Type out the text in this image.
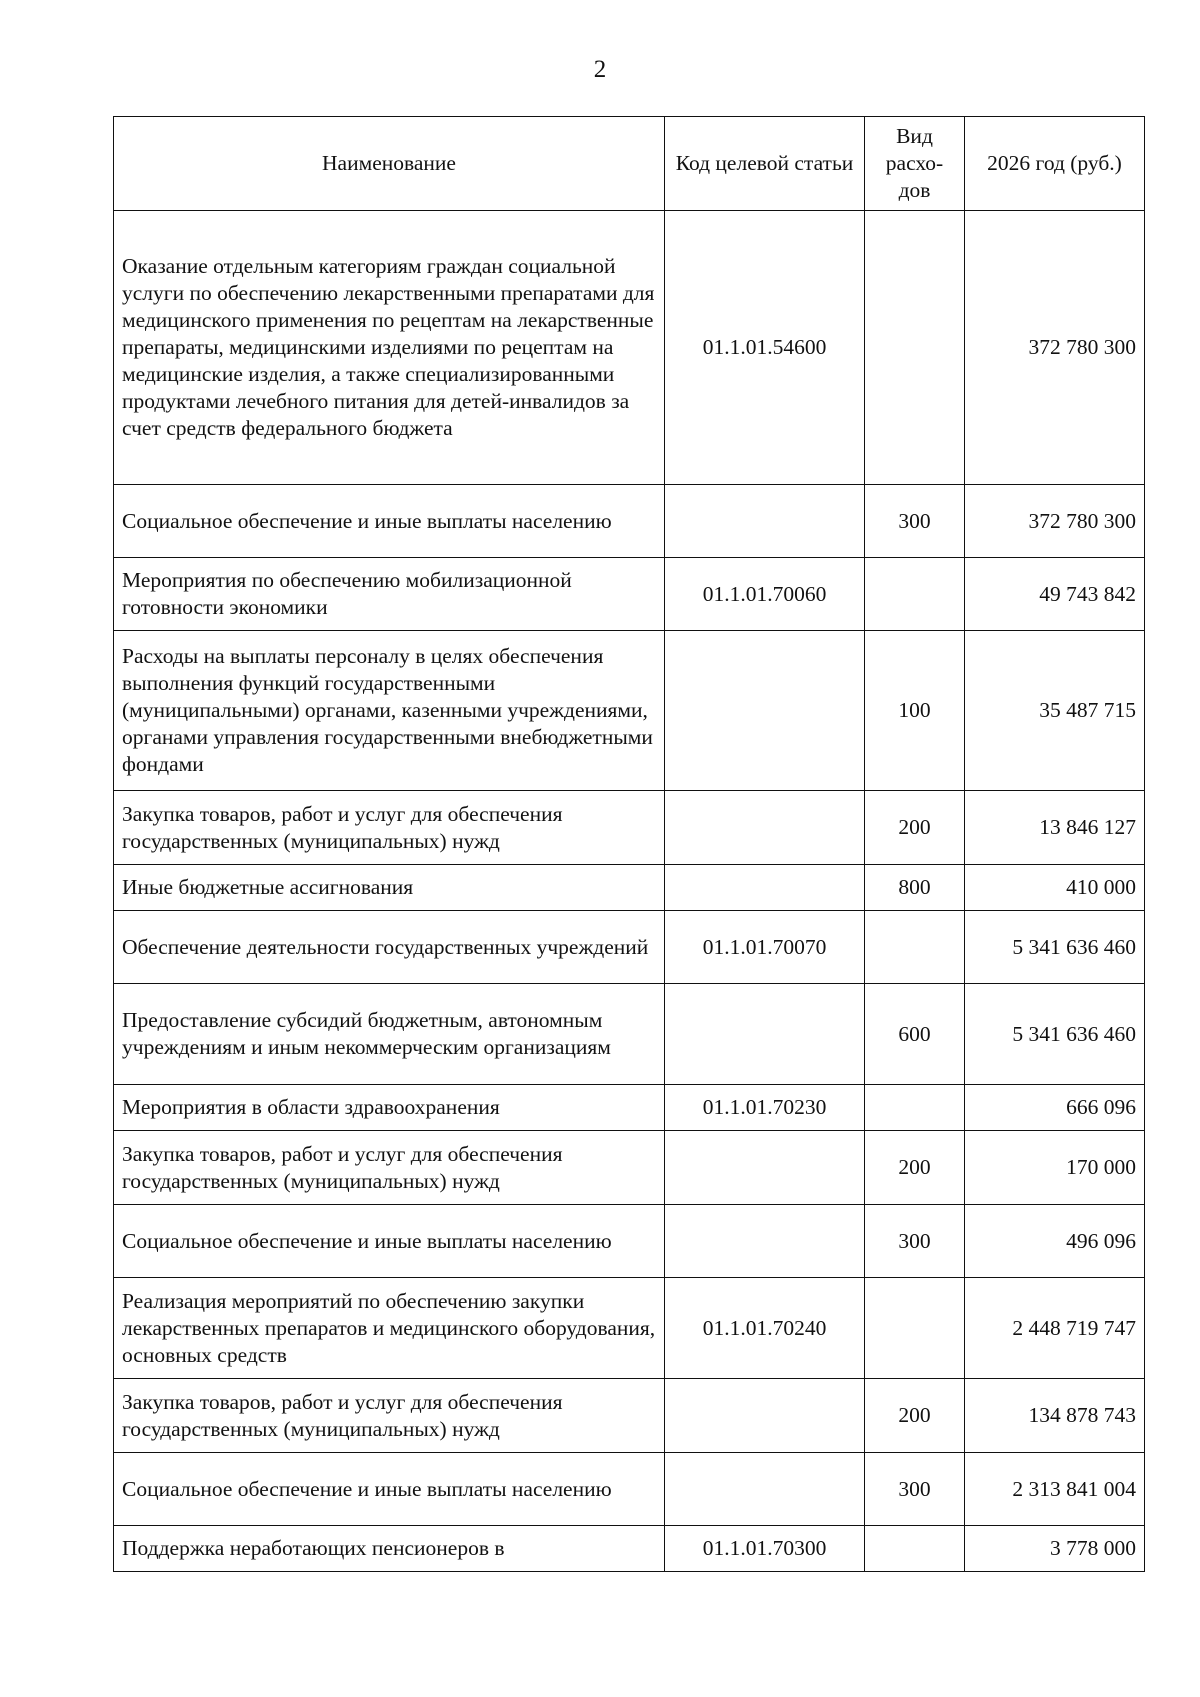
2
Наименование	Код целевой статьи	Вид расхо-дов	2026 год (руб.)
Оказание отдельным категориям граждан социальной услуги по обеспечению лекарственными препаратами для медицинского применения по рецептам на лекарственные препараты, медицинскими изделиями по рецептам на медицинские изделия, а также специализированными продуктами лечебного питания для детей-инвалидов за счет средств федерального бюджета	01.1.01.54600		372 780 300
Социальное обеспечение и иные выплаты населению		300	372 780 300
Мероприятия по обеспечению мобилизационной готовности экономики	01.1.01.70060		49 743 842
Расходы на выплаты персоналу в целях обеспечения выполнения функций государственными (муниципальными) органами, казенными учреждениями, органами управления государственными внебюджетными фондами		100	35 487 715
Закупка товаров, работ и услуг для обеспечения государственных (муниципальных) нужд		200	13 846 127
Иные бюджетные ассигнования		800	410 000
Обеспечение деятельности государственных учреждений	01.1.01.70070		5 341 636 460
Предоставление субсидий бюджетным, автономным учреждениям и иным некоммерческим организациям		600	5 341 636 460
Мероприятия в области здравоохранения	01.1.01.70230		666 096
Закупка товаров, работ и услуг для обеспечения государственных (муниципальных) нужд		200	170 000
Социальное обеспечение и иные выплаты населению		300	496 096
Реализация мероприятий по обеспечению закупки лекарственных препаратов и медицинского оборудования, основных средств	01.1.01.70240		2 448 719 747
Закупка товаров, работ и услуг для обеспечения государственных (муниципальных) нужд		200	134 878 743
Социальное обеспечение и иные выплаты населению		300	2 313 841 004
Поддержка неработающих пенсионеров в	01.1.01.70300		3 778 000
